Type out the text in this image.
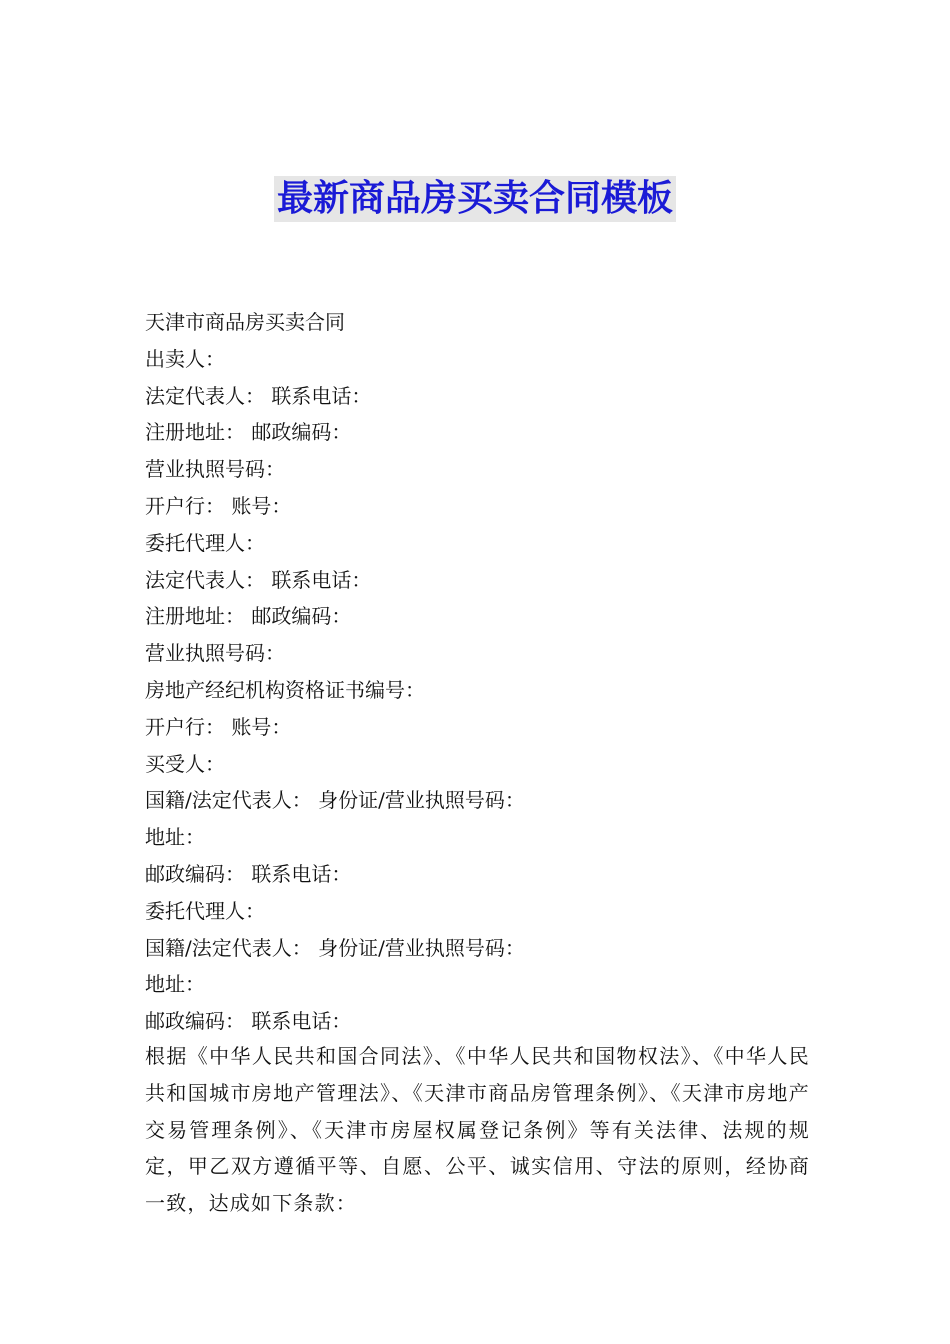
最新商品房买卖合同模板
天津市商品房买卖合同
出卖人：
法定代表人： 联系电话：
注册地址： 邮政编码：
营业执照号码：
开户行： 账号：
委托代理人：
法定代表人： 联系电话：
注册地址： 邮政编码：
营业执照号码：
房地产经纪机构资格证书编号：
开户行： 账号：
买受人：
国籍/法定代表人： 身份证/营业执照号码：
地址：
邮政编码： 联系电话：
委托代理人：
国籍/法定代表人： 身份证/营业执照号码：
地址：
邮政编码： 联系电话：
根据《中华人民共和国合同法》、《中华人民共和国物权法》、《中华人民共和国城市房地产管理法》、《天津市商品房管理条例》、《天津市房地产交易管理条例》、《天津市房屋权属登记条例》等有关法律、法规的规定，甲乙双方遵循平等、自愿、公平、诚实信用、守法的原则，经协商一致，达成如下条款：
